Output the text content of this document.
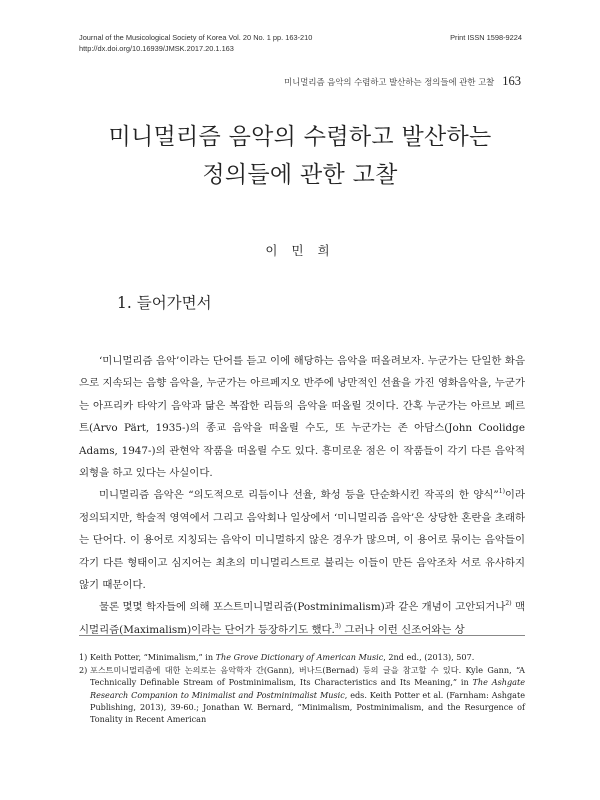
Journal of the Musicological Society of Korea Vol. 20 No. 1 pp. 163-210
http://dx.doi.org/10.16939/JMSK.2017.20.1.163
Print ISSN 1598-9224
미니멀리즘 음악의 수렴하고 발산하는 정의들에 관한 고찰 163
미니멀리즘 음악의 수렴하고 발산하는
정의들에 관한 고찰
이 민 희
1. 들어가면서

‘미니멀리즘 음악’이라는 단어를 듣고 이에 해당하는 음악을 떠올려보자. 누군가는 단일한 화음으로 지속되는 음향 음악을, 누군가는 아르페지오 반주에 낭만적인 선율을 가진 영화음악을, 누군가는 아프리카 타악기 음악과 닮은 복잡한 리듬의 음악을 떠올릴 것이다. 간혹 누군가는 아르보 페르트(Arvo Pärt, 1935-)의 종교 음악을 떠올릴 수도, 또 누군가는 존 아담스(John Coolidge Adams, 1947-)의 관현악 작품을 떠올릴 수도 있다. 흥미로운 점은 이 작품들이 각기 다른 음악적 외형을 하고 있다는 사실이다.

미니멀리즘 음악은 “의도적으로 리듬이나 선율, 화성 등을 단순화시킨 작곡의 한 양식”$^{1)}$이라 정의되지만, 학술적 영역에서 그리고 음악회나 일상에서 ‘미니멀리즘 음악’은 상당한 혼란을 초래하는 단어다. 이 용어로 지칭되는 음악이 미니멀하지 않은 경우가 많으며, 이 용어로 묶이는 음악들이 각기 다른 형태이고 심지어는 최초의 미니멀리스트로 불리는 이들이 만든 음악조차 서로 유사하지 않기 때문이다.

물론 몇몇 학자들에 의해 포스트미니멀리즘(Postminimalism)과 같은 개념이 고안되거나$^{2)}$ 맥시멀리즘(Maximalism)이라는 단어가 등장하기도 했다.$^{3)}$ 그러나 이런 신조어와는 상

1) Keith Potter, “Minimalism,” in The Grove Dictionary of American Music, 2nd ed., (2013), 507.
2) 포스트미니멀리즘에 대한 논의로는 음악학자 간(Gann), 버나드(Bernad) 등의 글을 참고할 수 있다. Kyle Gann, “A Technically Definable Stream of Postminimalism, Its Characteristics and Its Meaning,” in The Ashgate Research Companion to Minimalist and Postminimalist Music, eds. Keith Potter et al. (Farnham: Ashgate Publishing, 2013), 39-60.; Jonathan W. Bernard, “Minimalism, Postminimalism, and the Resurgence of Tonality in Recent American
